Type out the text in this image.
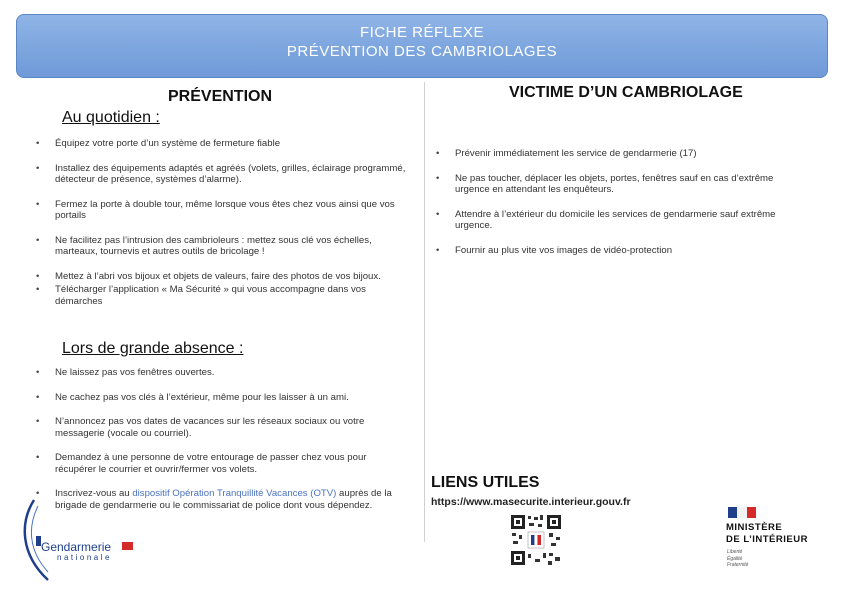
FICHE RÉFLEXE
PRÉVENTION DES CAMBRIOLAGES
PRÉVENTION
Au quotidien :
• Équipez votre porte d’un système de fermeture fiable
• Installez des équipements adaptés et agréés (volets, grilles, éclairage programmé, détecteur de présence, systèmes d’alarme).
• Fermez la porte à double tour, même lorsque vous êtes chez vous ainsi que vos portails
• Ne facilitez pas l’intrusion des cambrioleurs : mettez sous clé vos échelles, marteaux, tournevis et autres outils de bricolage !
• Mettez à l’abri vos bijoux et objets de valeurs, faire des photos de vos bijoux.
• Télécharger l’application « Ma Sécurité » qui vous accompagne dans vos démarches
Lors de grande absence :
• Ne laissez pas vos fenêtres ouvertes.
• Ne cachez pas vos clés à l’extérieur, même pour les laisser à un ami.
• N’annoncez pas vos dates de vacances sur les réseaux sociaux ou votre messagerie (vocale ou courriel).
• Demandez à une personne de votre entourage de passer chez vous pour récupérer le courrier et ouvrir/fermer vos volets.
• Inscrivez-vous au dispositif Opération Tranquillité Vacances (OTV) auprès de la brigade de gendarmerie ou le commissariat de police dont vous dépendez.
VICTIME D’UN CAMBRIOLAGE
• Prévenir immédiatement les service de gendarmerie (17)
• Ne pas toucher, déplacer les objets, portes, fenêtres sauf en cas d’extrême urgence en attendant les enquêteurs.
• Attendre à l’extérieur du domicile les services de gendarmerie sauf extrême urgence.
• Fournir au plus vite vos images de vidéo-protection
LIENS UTILES
https://www.masecurite.interieur.gouv.fr
Gendarmerie
nationale
MINISTÈRE
DE L’INTÉRIEUR
Liberté
Égalité
Fraternité
